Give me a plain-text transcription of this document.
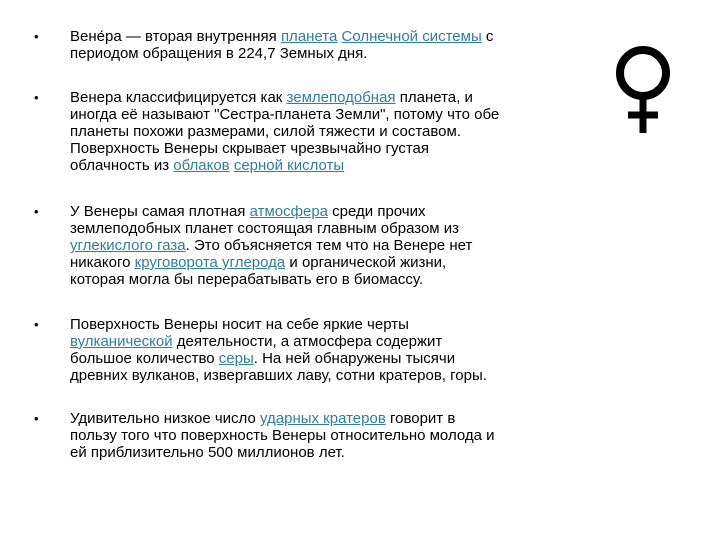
• Вене́ра — вторая внутренняя планета Солнечной системы с
периодом обращения в 224,7 Земных дня.
• Венера классифицируется как землеподобная планета, и
иногда её называют "Сестра-планета Земли", потому что обе
планеты похожи размерами, силой тяжести и составом.
Поверхность Венеры скрывает чрезвычайно густая
облачность из облаков серной кислоты
• У Венеры самая плотная атмосфера среди прочих
землеподобных планет состоящая главным образом из
углекислого газа. Это объясняется тем что на Венере нет
никакого круговорота углерода и органической жизни,
которая могла бы перерабатывать его в биомассу.
• Поверхность Венеры носит на себе яркие черты
вулканической деятельности, а атмосфера содержит
большое количество серы. На ней обнаружены тысячи
древних вулканов, извергавших лаву, сотни кратеров, горы.
• Удивительно низкое число ударных кратеров говорит в
пользу того что поверхность Венеры относительно молода и
ей приблизительно 500 миллионов лет.
